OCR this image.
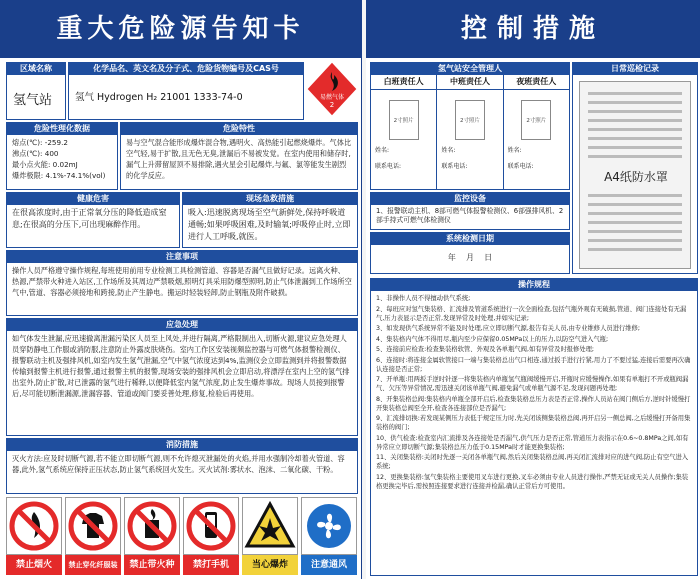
重大危险源告知卡
区域名称
氢气站
化学品名、英文名及分子式、危险货物编号及CAS号
氢气 Hydrogen H₂ 21001 1333-74-0	易燃气体
2
危险性理化数据
熔点(℃): -259.2
沸点(℃): 400
最小点火能: 0.02mJ
爆炸极限: 4.1%-74.1%(vol)
危险特性
易与空气混合能形成爆炸混合物,遇明火、高热能引起燃烧爆炸。气体比空气轻,易于扩散,且无色无臭,泄漏后不易被发觉。在室内使用和储存时,漏气上升滞留屋顶不易排除,遇火星会引起爆炸,与氟、氯等能发生剧烈的化学反应。
健康危害
在很高浓度时,由于正常氧分压的降低造成窒息;在很高的分压下,可出现麻醉作用。
现场急救措施
吸入:迅速脱离现场至空气新鲜处,保持呼吸道通畅;如果呼吸困难,及时输氧;呼吸停止时,立即进行人工呼吸,就医。
注意事项
操作人员严格遵守操作规程,每班使用前用专业检测工具检测管道、容器是否漏气且做好记录。远离火种、热源,严禁带火种进入站区,工作场所及其周边严禁吸烟,照明灯具采用防爆型照明,防止气体泄漏到工作场所空气中,管道、容器必须接地和跨接,防止产生静电。搬运时轻装轻卸,防止钢瓶及附件破损。
应急处理
如气体发生泄漏,应迅速撤离泄漏污染区人员至上风处,并进行隔离,严格限制出入,切断火源,建议应急处理人员穿防静电工作服或消防服,注意防止外露皮肤烧伤。室内工作区安装视频监控器与可燃气体报警检测仪、报警联动主机及强排风机,如室内发生氢气泄漏,空气中氢气浓度达到4%,监测仪会立即监测到并将报警数据传输到报警主机进行报警,通过报警主机的报警,现场安装的强排风机会立即启动,将漂浮在室内上空的氢气排出室外,防止扩散,对已泄露的氢气进行稀释,以便降低室内氢气浓度,防止发生爆炸事故。现场人员接到报警后,尽可能切断泄漏源,泄漏容器、管道或阀门要妥善处理,修复,检验后再使用。
消防措施
灭火方法:应及时切断气源,若不能立即切断气源,则不允许熄灭泄漏处的火焰,并用水强制冷却着火管道、容器,此外,氢气系统应保持正压状态,防止氢气系统回火发生。灭火试剂:雾状水、泡沫、二氧化碳、干粉。
禁止烟火	禁止穿化纤服装	禁止带火种	禁打手机	当心爆炸	注意通风
控制措施
氢气站安全管理人
白班责任人
2寸照片
姓名:
联系电话:
中班责任人
2寸照片
姓名:
联系电话:
夜班责任人
2寸照片
姓名:
联系电话:
监控设备
1、报警联动主机、8部可燃气体报警检测仪、6部强排风机、2部手持式可燃气体检测仪
系统检测日期
年    月    日
日常巡检记录
A4纸防水罩
操作规程
1、非操作人员不得擅动供气系统;
2、每班应对氢气集装格、汇流排及管道系统进行一次全面检查,包括气瓶外观有无破损,管道、阀门连接处有无漏气,压力表显示是否正常,发现异常及时处理,并如实记录;
3、如发现供气系统异常不能及时处理,应立即切断气源,报告有关人员,由专业维修人员进行维修;
4、集装格内气体不得用尽,瓶内至少应保留0.05MPa以上的压力,以防空气进入气瓶;
5、连接前应检查:检查集装格软管、外观及各单瓶气阀,如有异常及时报修处理;
6、连接时:将连接金属软管接口一端与集装格总出气口相连,通过扳手进行拧紧,用力了不要过猛,连接后需要再次确认连接是否正常;
7、开单瓶:用两扳手逆时针逐一将集装格内单瓶氢气瓶阀缓慢开启,开瓶时应缓慢操作,如果有单瓶打不开或瓶阀漏气、欠压等异常情况,需迅速关闭该单瓶气阀,避免漏气或单瓶气源不足,发现问题再处理;
8、开集装格总阀:集装格内单瓶全部开启后,检查集装格总压力表是否正常,操作人员站在阀门侧后方,逆时针缓慢打开集装格总阀至全开,检查各连接部位是否漏气;
9、汇流排切换:若发现某侧压力表低于规定压力时,先关闭该侧集装格总阀,再开启另一侧总阀,之后缓慢打开备用集装格的阀门;
10、供气检查:检查室内汇流排及各连接处是否漏气,供气压力是否正常,管道压力表指示在0.6~0.8MPa之间,如有异常应立即切断气源;集装格总压力低于0.15MPa时才能更换集装格;
11、关闭集装格:关闭时先逐一关闭各单瓶气阀,然后关闭集装格总阀,再关闭汇流排对应的进气阀,防止有空气进入系统;
12、更换集装格:氢气集装格主要使用叉车进行更换,叉车必须由专业人员进行操作,严禁无证或无关人员操作;集装格更换完毕后,需按照连接要求进行连接并检漏,确认正常后方可使用。
